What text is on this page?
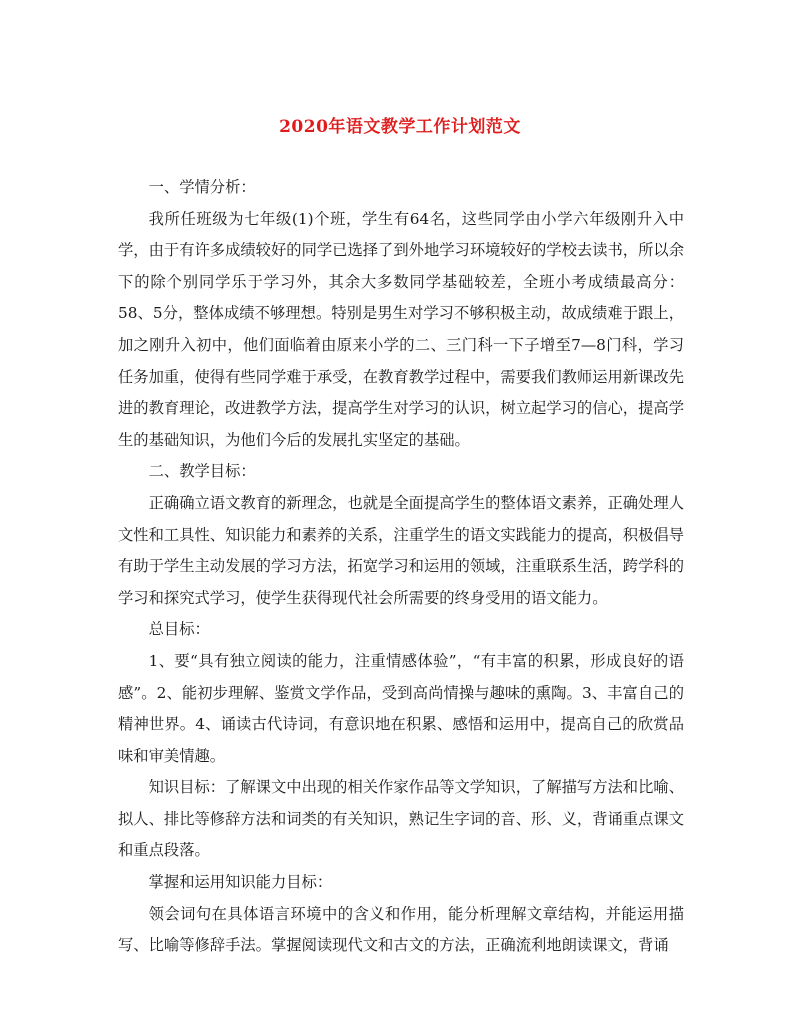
2020年语文教学工作计划范文

一、学情分析：

我所任班级为七年级(1)个班，学生有64名，这些同学由小学六年级刚升入中学，由于有许多成绩较好的同学已选择了到外地学习环境较好的学校去读书，所以余下的除个别同学乐于学习外，其余大多数同学基础较差，全班小考成绩最高分：58、5分，整体成绩不够理想。特别是男生对学习不够积极主动，故成绩难于跟上，加之刚升入初中，他们面临着由原来小学的二、三门科一下子增至7—8门科，学习任务加重，使得有些同学难于承受，在教育教学过程中，需要我们教师运用新课改先进的教育理论，改进教学方法，提高学生对学习的认识，树立起学习的信心，提高学生的基础知识，为他们今后的发展扎实坚定的基础。

二、教学目标：

正确确立语文教育的新理念，也就是全面提高学生的整体语文素养，正确处理人文性和工具性、知识能力和素养的关系，注重学生的语文实践能力的提高，积极倡导有助于学生主动发展的学习方法，拓宽学习和运用的领域，注重联系生活，跨学科的学习和探究式学习，使学生获得现代社会所需要的终身受用的语文能力。

总目标：

1、要“具有独立阅读的能力，注重情感体验”，“有丰富的积累，形成良好的语感”。2、能初步理解、鉴赏文学作品，受到高尚情操与趣味的熏陶。3、丰富自己的精神世界。4、诵读古代诗词，有意识地在积累、感悟和运用中，提高自己的欣赏品味和审美情趣。

知识目标：了解课文中出现的相关作家作品等文学知识，了解描写方法和比喻、拟人、排比等修辞方法和词类的有关知识，熟记生字词的音、形、义，背诵重点课文和重点段落。

掌握和运用知识能力目标：

领会词句在具体语言环境中的含义和作用，能分析理解文章结构，并能运用描写、比喻等修辞手法。掌握阅读现代文和古文的方法，正确流利地朗读课文，背诵
